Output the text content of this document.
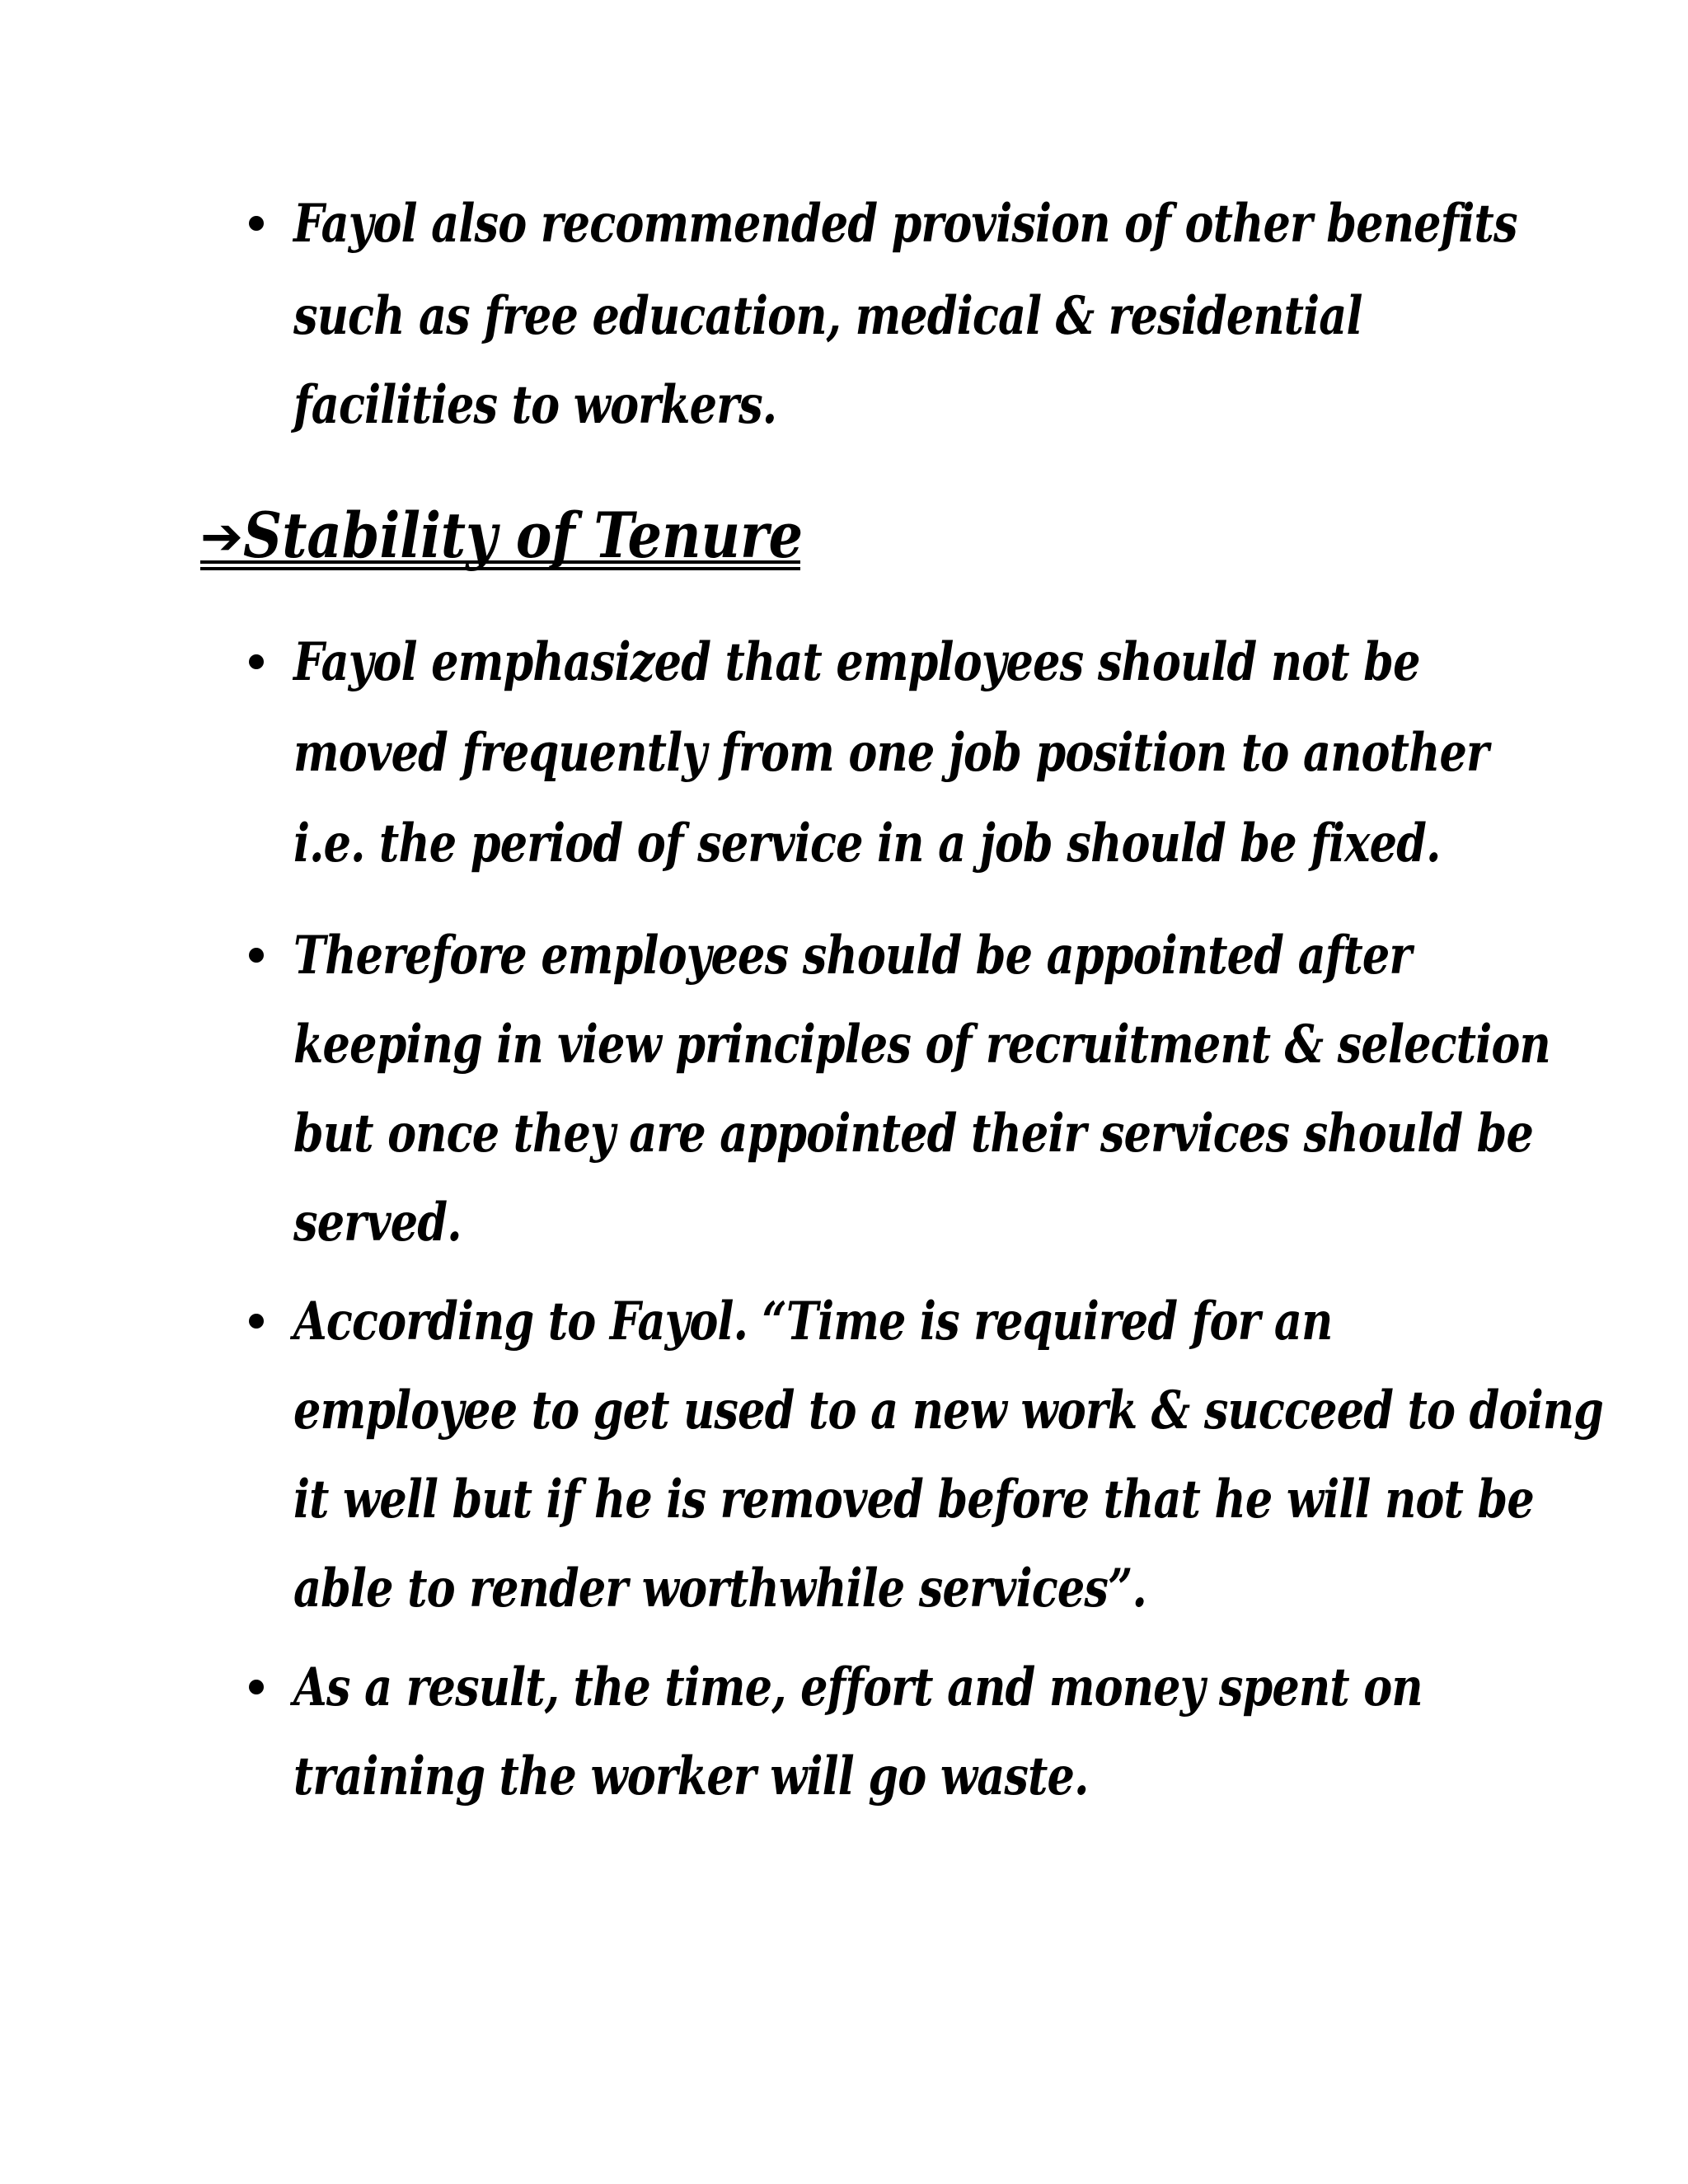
Fayol also recommended provision of other benefits
such as free education, medical & residential
facilities to workers.
➔Stability of Tenure
Fayol emphasized that employees should not be
moved frequently from one job position to another
i.e. the period of service in a job should be fixed.
Therefore employees should be appointed after
keeping in view principles of recruitment & selection
but once they are appointed their services should be
served.
According to Fayol. “Time is required for an
employee to get used to a new work & succeed to doing
it well but if he is removed before that he will not be
able to render worthwhile services”.
As a result, the time, effort and money spent on
training the worker will go waste.
